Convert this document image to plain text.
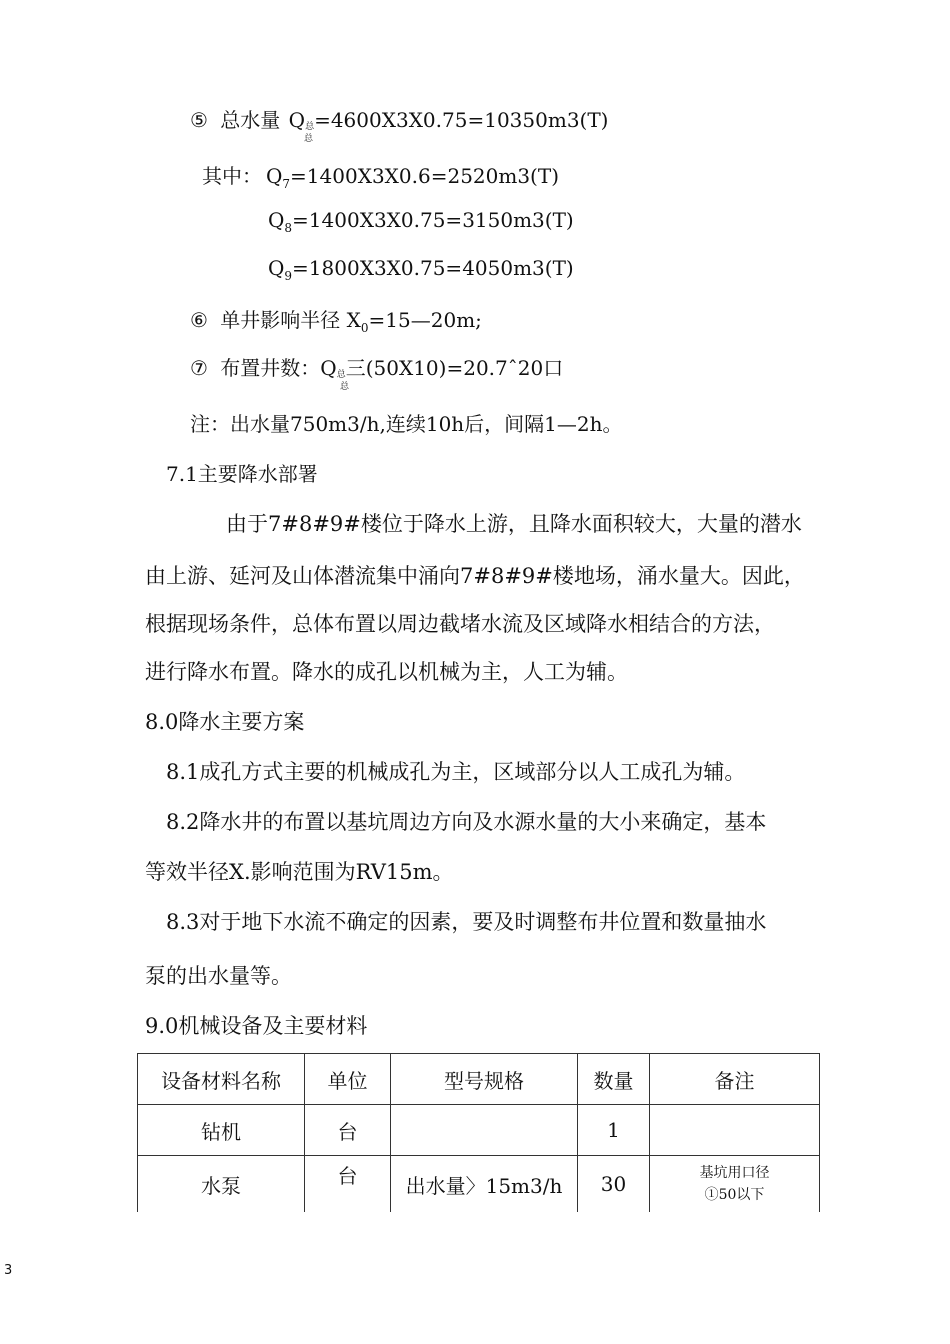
⑤ 总水量 Q总=4600X3X0.75=10350m3(T)
总
其中： $Q_7=1400X3X0.6=2520m3(T)$
$Q_8=1400X3X0.75=3150m3(T)$
$Q_9=1800X3X0.75=4050m3(T)$
⑥ 单井影响半径 $X_0=15—20m$;
⑦ 布置井数：Q总三(50X10)=20.7ˆ20口
总
注：出水量750m3/h,连续10h后，间隔1—2h。
7.1主要降水部署
由于7#8#9#楼位于降水上游，且降水面积较大，大量的潜水
由上游、延河及山体潜流集中涌向7#8#9#楼地场，涌水量大。因此，
根据现场条件，总体布置以周边截堵水流及区域降水相结合的方法，
进行降水布置。降水的成孔以机械为主，人工为辅。
8.0降水主要方案
8.1成孔方式主要的机械成孔为主，区域部分以人工成孔为辅。
8.2降水井的布置以基坑周边方向及水源水量的大小来确定，基本
等效半径X.影响范围为RV15m。
8.3对于地下水流不确定的因素，要及时调整布井位置和数量抽水
泵的出水量等。
9.0机械设备及主要材料
设备材料名称	单位	型号规格	数量	备注
钻机	台		1	
水泵	台	出水量〉15m3/h	30	基坑用口径
①50以下
3
